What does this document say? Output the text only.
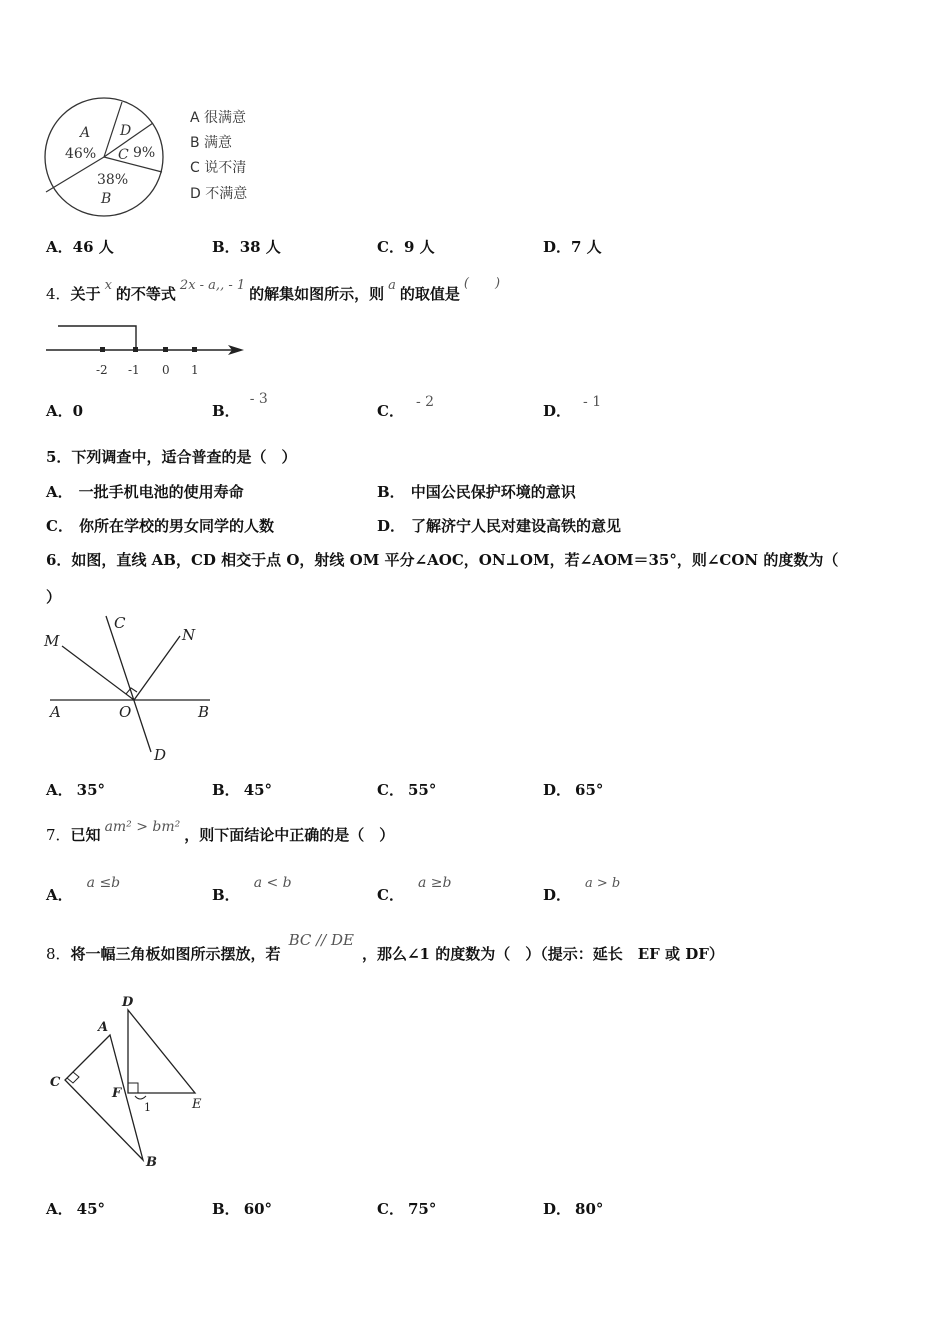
A
46%
D
C 9%
38%
B
A 很满意
B 满意
C 说不清
D 不满意
A．46 人	B．38 人	C．9 人	D．7 人
4．关于 x 的不等式 2x - a,, - 1 的解集如图所示，则 a 的取值是(　　)
-2 -1 0 1
A．0	B．- 3
C． - 2	D． - 1
5．下列调查中，适合普查的是（　）
A． 一批手机电池的使用寿命	B． 中国公民保护环境的意识
C． 你所在学校的男女同学的人数	D． 了解济宁人民对建设高铁的意见
6．如图，直线 AB，CD 相交于点 O，射线 OM 平分∠AOC，ON⊥OM，若∠AOM＝35°，则∠CON 的度数为（
）
M
C
N
A	O	B
D
A． 35°	B． 45°	C． 55°	D． 65°
7．已知 am² > bm² ，则下面结论中正确的是（　）
A．a ≤b
B．a < b
C．a ≥b
D．a > b
8．将一幅三角板如图所示摆放，若BC // DE，那么∠1 的度数为（　）（提示：延长　EF 或 DF）
D
A
C
F
E
1
B
A． 45°	B． 60°	C． 75°	D． 80°
